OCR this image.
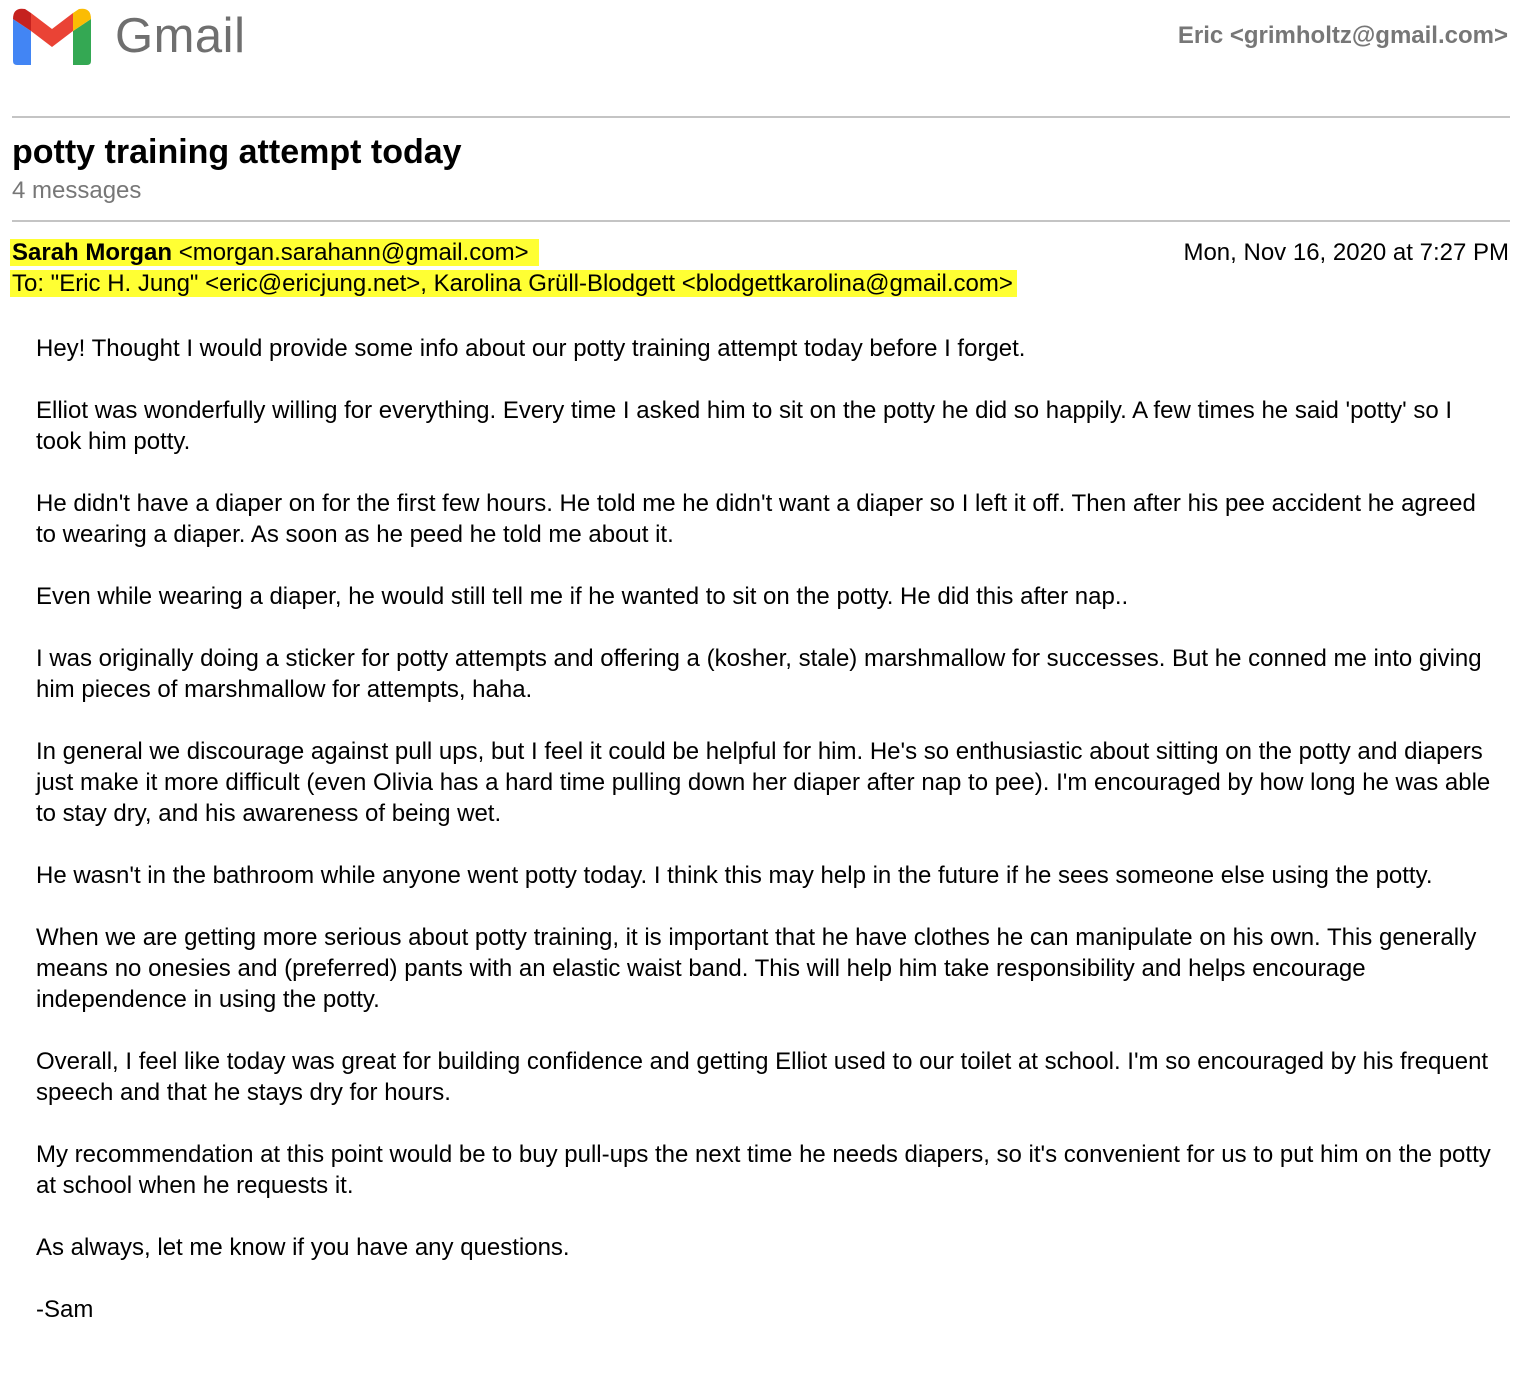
Gmail	Eric <grimholtz@gmail.com>
potty training attempt today
4 messages
Sarah Morgan <morgan.sarahann@gmail.com>	Mon, Nov 16, 2020 at 7:27 PM
To: "Eric H. Jung" <eric@ericjung.net>, Karolina Grüll-Blodgett <blodgettkarolina@gmail.com>

Hey! Thought I would provide some info about our potty training attempt today before I forget.

Elliot was wonderfully willing for everything. Every time I asked him to sit on the potty he did so happily. A few times he said 'potty' so I took him potty.

He didn't have a diaper on for the first few hours. He told me he didn't want a diaper so I left it off. Then after his pee accident he agreed to wearing a diaper. As soon as he peed he told me about it.

Even while wearing a diaper, he would still tell me if he wanted to sit on the potty. He did this after nap..

I was originally doing a sticker for potty attempts and offering a (kosher, stale) marshmallow for successes. But he conned me into giving him pieces of marshmallow for attempts, haha.

In general we discourage against pull ups, but I feel it could be helpful for him. He's so enthusiastic about sitting on the potty and diapers just make it more difficult (even Olivia has a hard time pulling down her diaper after nap to pee). I'm encouraged by how long he was able to stay dry, and his awareness of being wet.

He wasn't in the bathroom while anyone went potty today. I think this may help in the future if he sees someone else using the potty.

When we are getting more serious about potty training, it is important that he have clothes he can manipulate on his own. This generally means no onesies and (preferred) pants with an elastic waist band. This will help him take responsibility and helps encourage independence in using the potty.

Overall, I feel like today was great for building confidence and getting Elliot used to our toilet at school. I'm so encouraged by his frequent speech and that he stays dry for hours.

My recommendation at this point would be to buy pull-ups the next time he needs diapers, so it's convenient for us to put him on the potty at school when he requests it.

As always, let me know if you have any questions.

-Sam
